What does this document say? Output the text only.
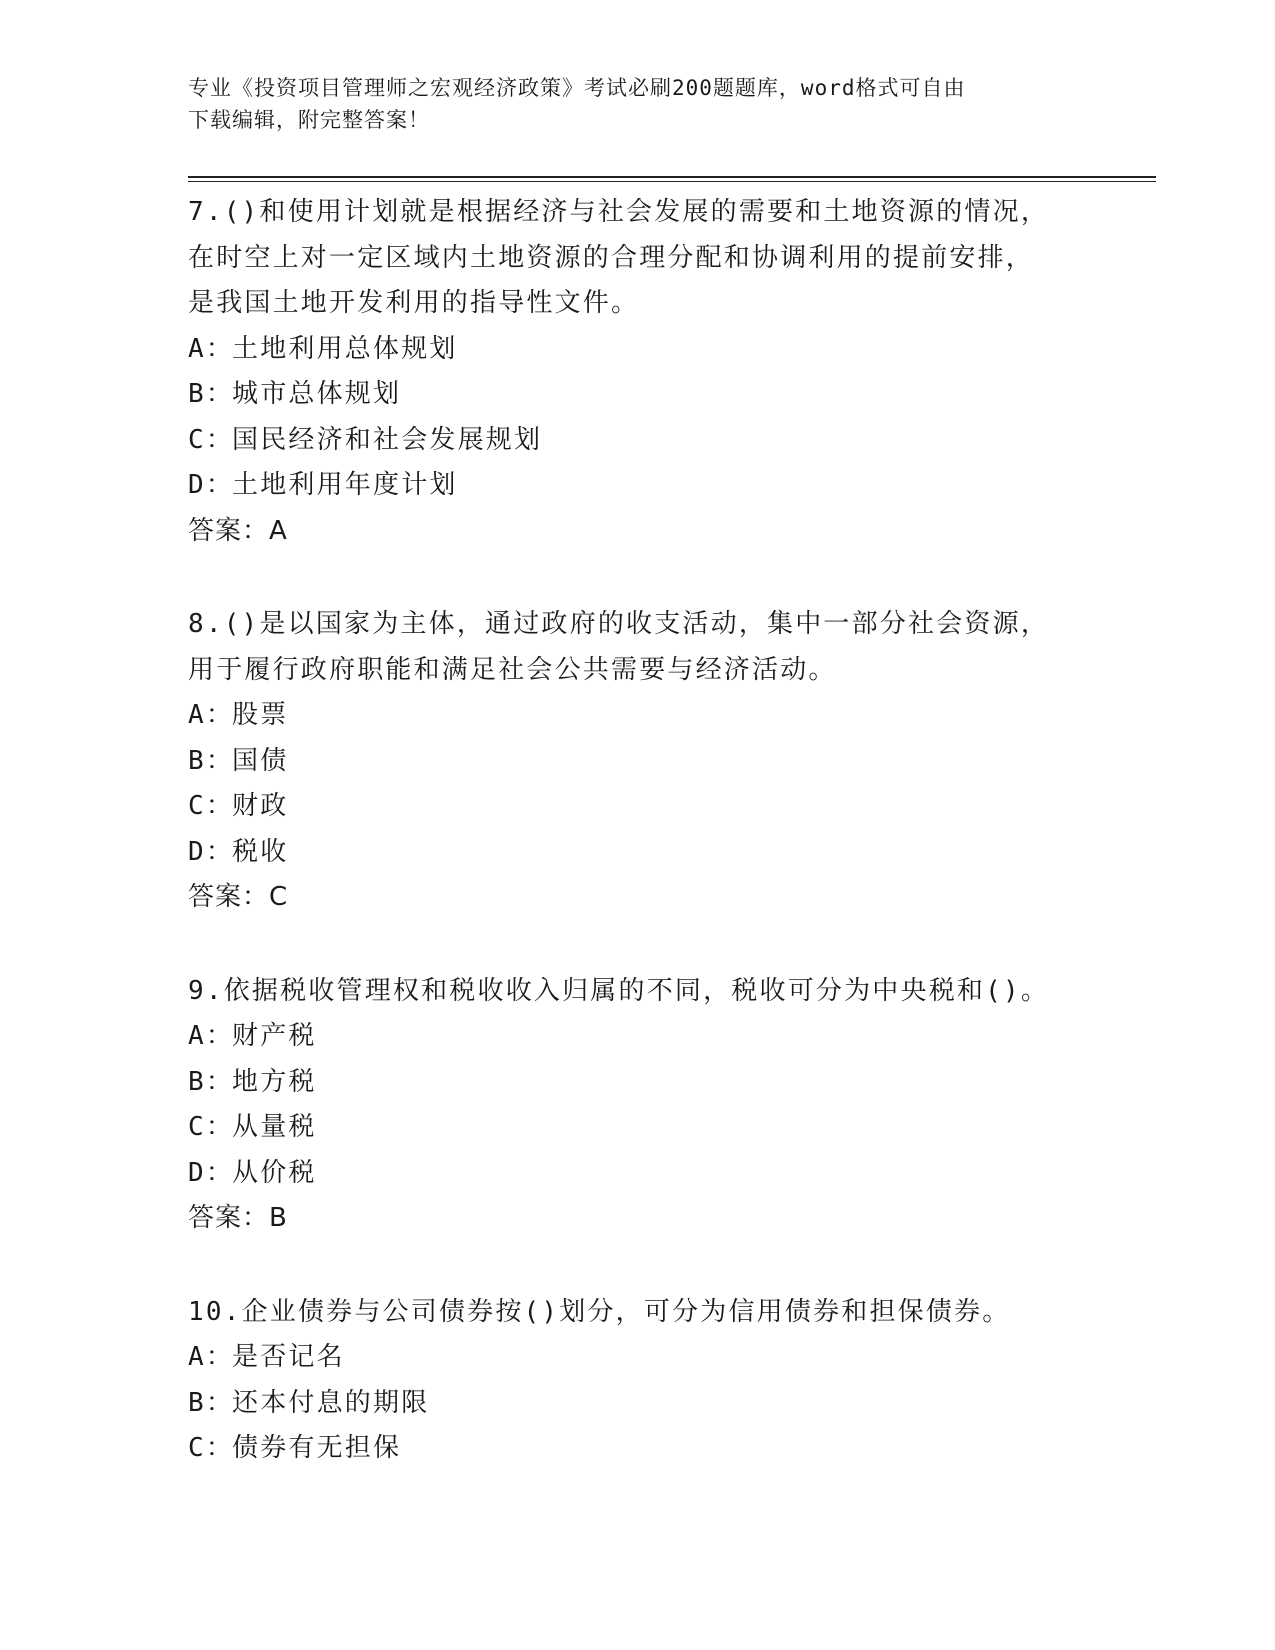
专业《投资项目管理师之宏观经济政策》考试必刷200题题库，word格式可自由
下载编辑，附完整答案！
7.()和使用计划就是根据经济与社会发展的需要和土地资源的情况，
在时空上对一定区域内土地资源的合理分配和协调利用的提前安排，
是我国土地开发利用的指导性文件。
A：土地利用总体规划
B：城市总体规划
C：国民经济和社会发展规划
D：土地利用年度计划
答案：A
8.()是以国家为主体，通过政府的收支活动，集中一部分社会资源，
用于履行政府职能和满足社会公共需要与经济活动。
A：股票
B：国债
C：财政
D：税收
答案：C
9.依据税收管理权和税收收入归属的不同，税收可分为中央税和()。
A：财产税
B：地方税
C：从量税
D：从价税
答案：B
10.企业债券与公司债券按()划分，可分为信用债券和担保债券。
A：是否记名
B：还本付息的期限
C：债券有无担保
